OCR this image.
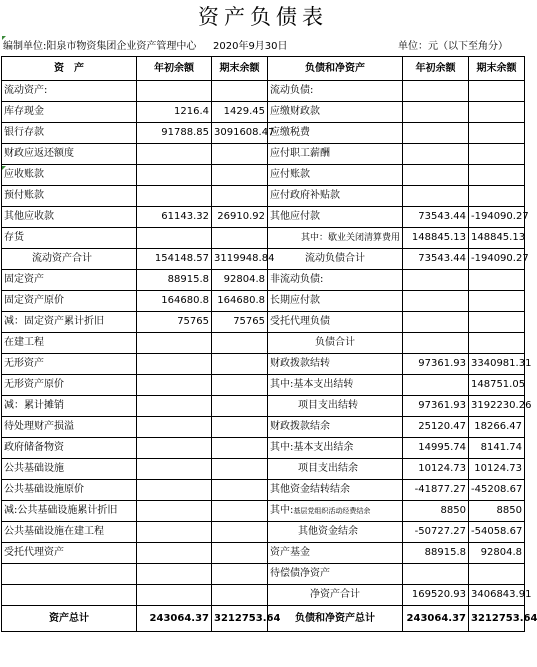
资产负债表
编制单位:阳泉市物资集团企业资产管理中心 2020年9月30日	单位：元（以下至角分）
资　产	年初余额	期末余额	负债和净资产	年初余额	期末余额
流动资产:			流动负债:		
库存现金	1216.4	1429.45	应缴财政款		
银行存款	91788.85	3091608.47	应缴税费		
财政应返还额度			应付职工薪酬		
应收账款			应付账款		
预付账款			应付政府补贴款		
其他应收款	61143.32	26910.92	其他应付款	73543.44	-194090.27
存货			其中：歇业关闭清算费用	148845.13	148845.13
流动资产合计	154148.57	3119948.84	流动负债合计	73543.44	-194090.27
固定资产	88915.8	92804.8	非流动负债:		
固定资产原价	164680.8	164680.8	长期应付款		
减：固定资产累计折旧	75765	75765	受托代理负债		
在建工程			负债合计		
无形资产			财政拨款结转	97361.93	3340981.31
无形资产原价			其中:基本支出结转		148751.05
减：累计摊销			项目支出结转	97361.93	3192230.26
待处理财产损溢			财政拨款结余	25120.47	18266.47
政府储备物资			其中:基本支出结余	14995.74	8141.74
公共基础设施			项目支出结余	10124.73	10124.73
公共基础设施原价			其他资金结转结余	-41877.27	-45208.67
减:公共基础设施累计折旧			其中:基层党组织活动经费结余	8850	8850
公共基础设施在建工程			其他资金结余	-50727.27	-54058.67
受托代理资产			资产基金	88915.8	92804.8
			待偿债净资产		
			净资产合计	169520.93	3406843.91
资产总计	243064.37	3212753.64	负债和净资产总计	243064.37	3212753.64
